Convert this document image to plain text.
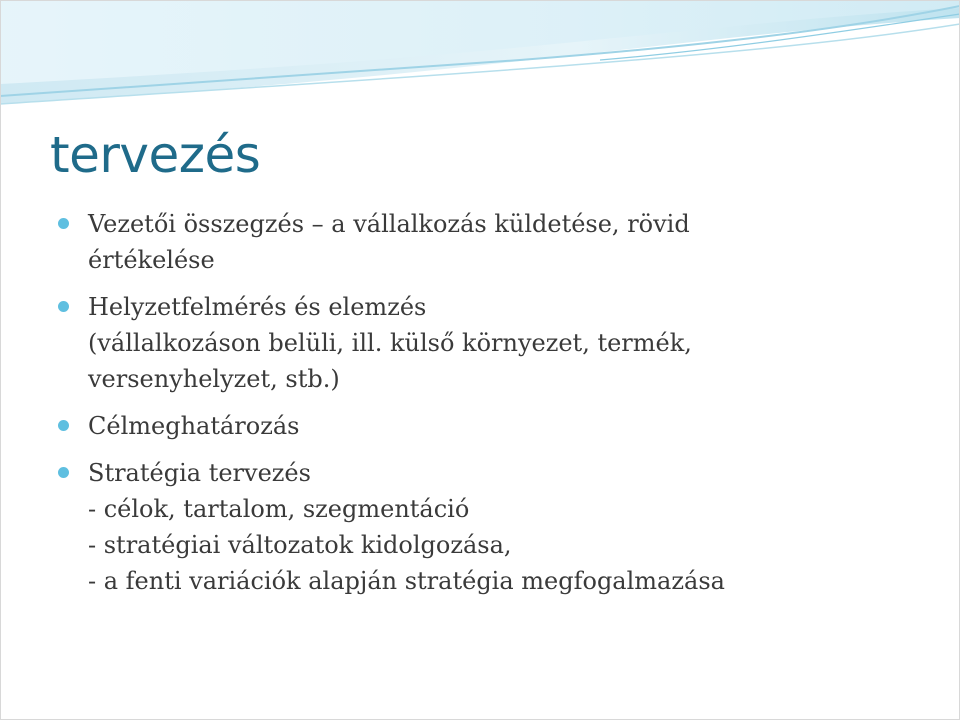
tervezés
Vezetői összegzés – a vállalkozás küldetése, rövid
értékelése
Helyzetfelmérés és elemzés
(vállalkozáson belüli, ill. külső környezet, termék,
versenyhelyzet, stb.)
Célmeghatározás
Stratégia tervezés
- célok, tartalom, szegmentáció
- stratégiai változatok kidolgozása,
- a fenti variációk alapján stratégia megfogalmazása
